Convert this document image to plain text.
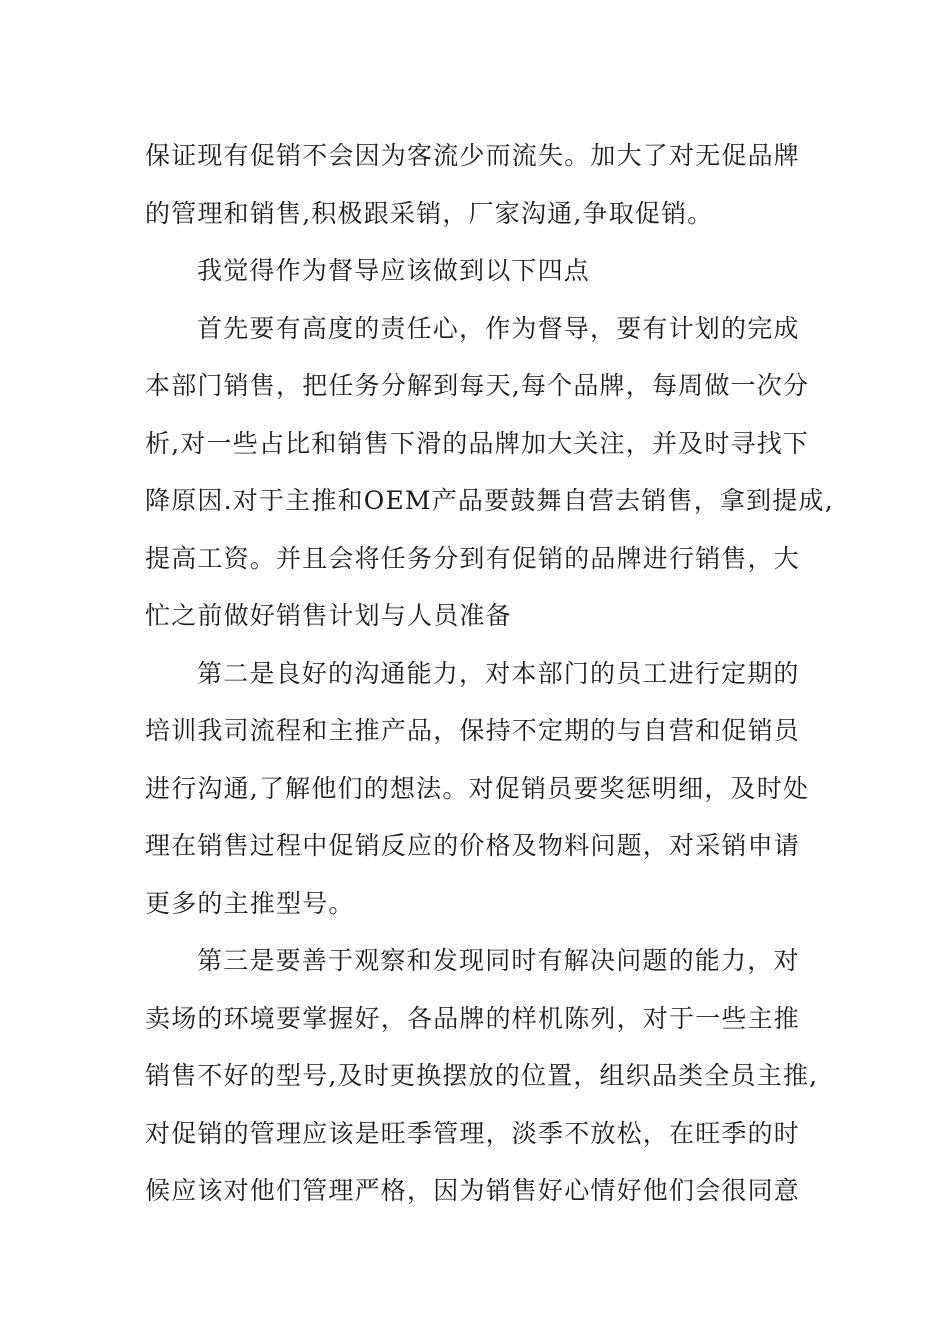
保证现有促销不会因为客流少而流失。加大了对无促品牌
的管理和销售,积极跟采销，厂家沟通,争取促销。
我觉得作为督导应该做到以下四点
首先要有高度的责任心，作为督导，要有计划的完成
本部门销售，把任务分解到每天,每个品牌，每周做一次分
析,对一些占比和销售下滑的品牌加大关注，并及时寻找下
降原因.对于主推和OEM产品要鼓舞自营去销售，拿到提成,
提高工资。并且会将任务分到有促销的品牌进行销售，大
忙之前做好销售计划与人员准备
第二是良好的沟通能力，对本部门的员工进行定期的
培训我司流程和主推产品，保持不定期的与自营和促销员
进行沟通,了解他们的想法。对促销员要奖惩明细，及时处
理在销售过程中促销反应的价格及物料问题，对采销申请
更多的主推型号。
第三是要善于观察和发现同时有解决问题的能力，对
卖场的环境要掌握好，各品牌的样机陈列，对于一些主推
销售不好的型号,及时更换摆放的位置，组织品类全员主推,
对促销的管理应该是旺季管理，淡季不放松，在旺季的时
候应该对他们管理严格，因为销售好心情好他们会很同意
